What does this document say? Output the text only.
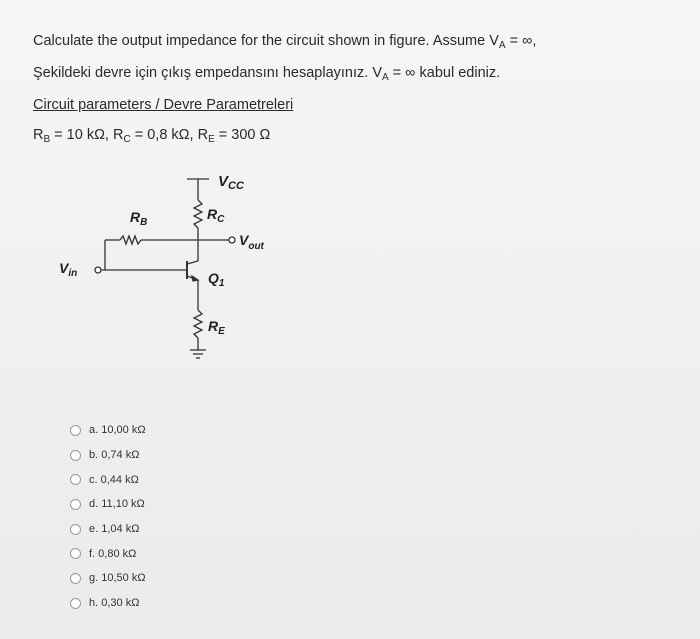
Calculate the output impedance for the circuit shown in figure. Assume $V_A$ = ∞,
Şekildeki devre için çıkış empedansını hesaplayınız. $V_A$ = ∞ kabul ediniz.
Circuit parameters / Devre Parametreleri
$R_B = 10$ kΩ, $R_C = 0,8$ kΩ, $R_E = 300$ Ω
$V_{CC}$
$R_B$
$R_C$
$V_{out}$
$V_{in}$	$Q_1$
$R_E$
a. 10,00 kΩ
b. 0,74 kΩ
c. 0,44 kΩ
d. 11,10 kΩ
e. 1,04 kΩ
f. 0,80 kΩ
g. 10,50 kΩ
h. 0,30 kΩ
